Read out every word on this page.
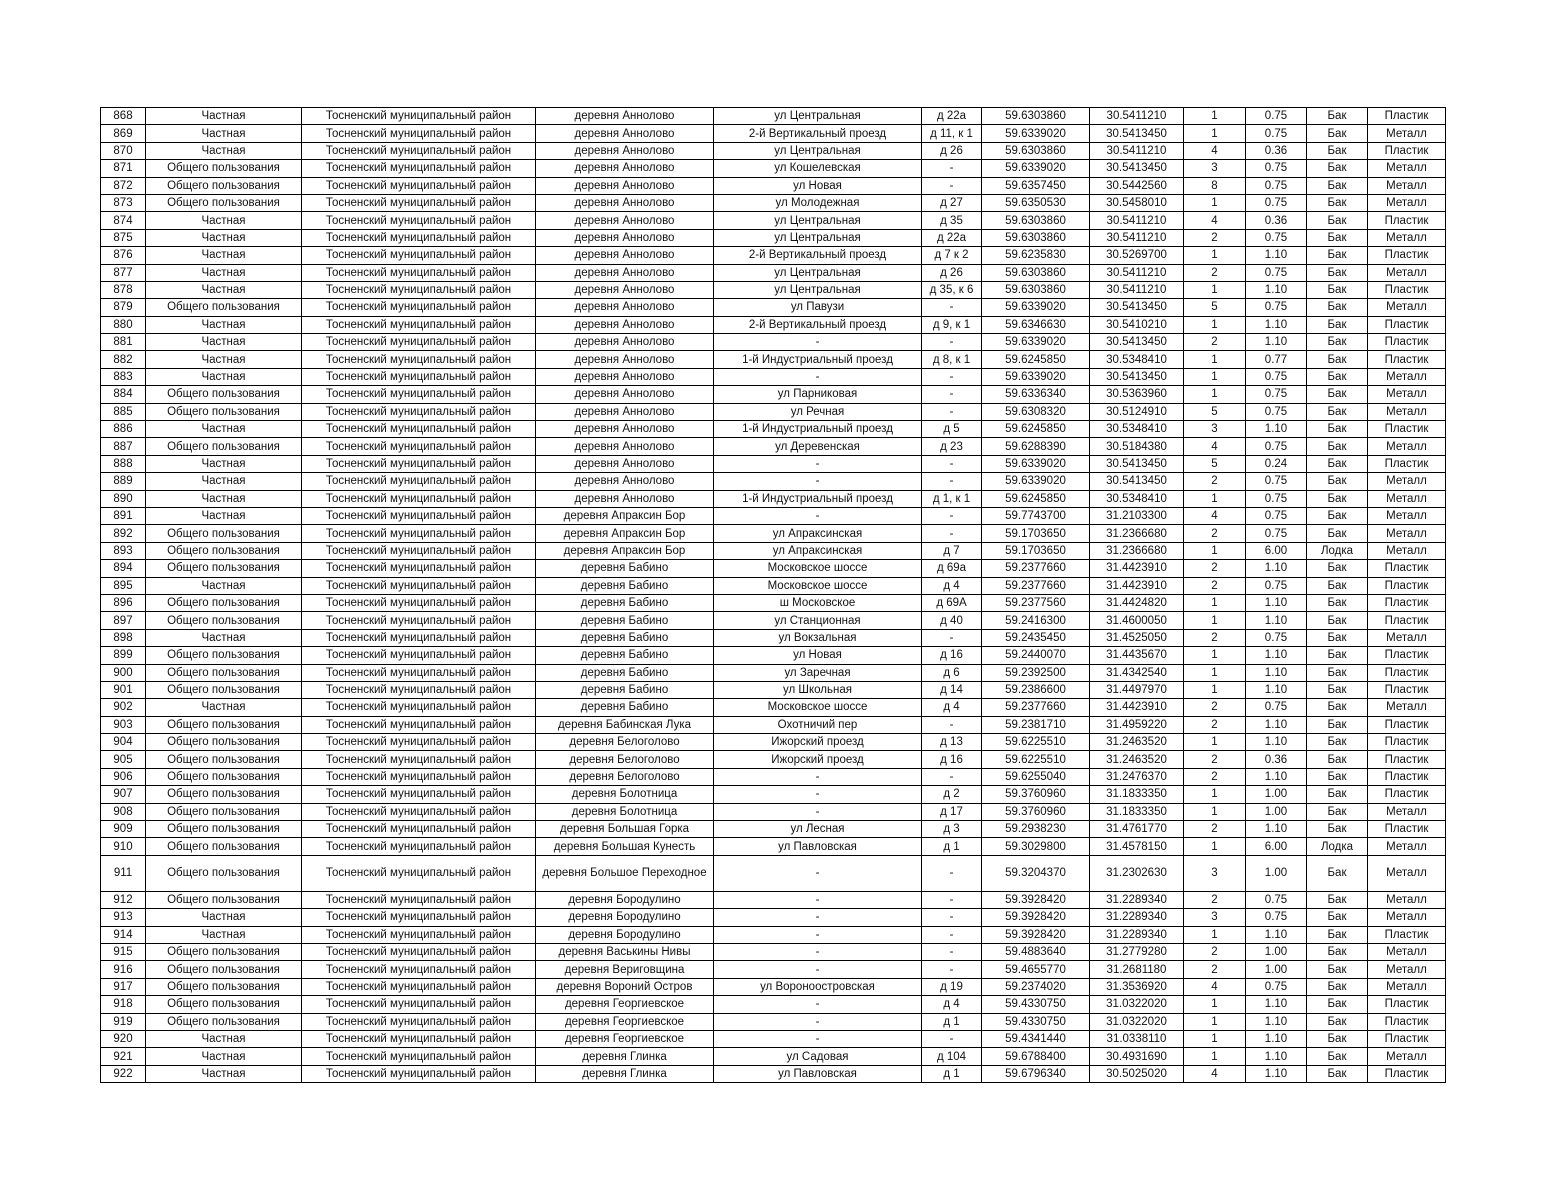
868	Частная	Тосненский муниципальный район	деревня Аннолово	ул Центральная	д 22а	59.6303860	30.5411210	1	0.75	Бак	Пластик
869	Частная	Тосненский муниципальный район	деревня Аннолово	2-й Вертикальный проезд	д 11, к 1	59.6339020	30.5413450	1	0.75	Бак	Металл
870	Частная	Тосненский муниципальный район	деревня Аннолово	ул Центральная	д 26	59.6303860	30.5411210	4	0.36	Бак	Пластик
871	Общего пользования	Тосненский муниципальный район	деревня Аннолово	ул Кошелевская	-	59.6339020	30.5413450	3	0.75	Бак	Металл
872	Общего пользования	Тосненский муниципальный район	деревня Аннолово	ул Новая	-	59.6357450	30.5442560	8	0.75	Бак	Металл
873	Общего пользования	Тосненский муниципальный район	деревня Аннолово	ул Молодежная	д 27	59.6350530	30.5458010	1	0.75	Бак	Металл
874	Частная	Тосненский муниципальный район	деревня Аннолово	ул Центральная	д 35	59.6303860	30.5411210	4	0.36	Бак	Пластик
875	Частная	Тосненский муниципальный район	деревня Аннолово	ул Центральная	д 22а	59.6303860	30.5411210	2	0.75	Бак	Металл
876	Частная	Тосненский муниципальный район	деревня Аннолово	2-й Вертикальный проезд	д 7 к 2	59.6235830	30.5269700	1	1.10	Бак	Пластик
877	Частная	Тосненский муниципальный район	деревня Аннолово	ул Центральная	д 26	59.6303860	30.5411210	2	0.75	Бак	Металл
878	Частная	Тосненский муниципальный район	деревня Аннолово	ул Центральная	д 35, к 6	59.6303860	30.5411210	1	1.10	Бак	Пластик
879	Общего пользования	Тосненский муниципальный район	деревня Аннолово	ул Павузи	-	59.6339020	30.5413450	5	0.75	Бак	Металл
880	Частная	Тосненский муниципальный район	деревня Аннолово	2-й Вертикальный проезд	д 9, к 1	59.6346630	30.5410210	1	1.10	Бак	Пластик
881	Частная	Тосненский муниципальный район	деревня Аннолово	-	-	59.6339020	30.5413450	2	1.10	Бак	Пластик
882	Частная	Тосненский муниципальный район	деревня Аннолово	1-й Индустриальный проезд	д 8, к 1	59.6245850	30.5348410	1	0.77	Бак	Пластик
883	Частная	Тосненский муниципальный район	деревня Аннолово	-	-	59.6339020	30.5413450	1	0.75	Бак	Металл
884	Общего пользования	Тосненский муниципальный район	деревня Аннолово	ул Парниковая	-	59.6336340	30.5363960	1	0.75	Бак	Металл
885	Общего пользования	Тосненский муниципальный район	деревня Аннолово	ул Речная	-	59.6308320	30.5124910	5	0.75	Бак	Металл
886	Частная	Тосненский муниципальный район	деревня Аннолово	1-й Индустриальный проезд	д 5	59.6245850	30.5348410	3	1.10	Бак	Пластик
887	Общего пользования	Тосненский муниципальный район	деревня Аннолово	ул Деревенская	д 23	59.6288390	30.5184380	4	0.75	Бак	Металл
888	Частная	Тосненский муниципальный район	деревня Аннолово	-	-	59.6339020	30.5413450	5	0.24	Бак	Пластик
889	Частная	Тосненский муниципальный район	деревня Аннолово	-	-	59.6339020	30.5413450	2	0.75	Бак	Металл
890	Частная	Тосненский муниципальный район	деревня Аннолово	1-й Индустриальный проезд	д 1, к 1	59.6245850	30.5348410	1	0.75	Бак	Металл
891	Частная	Тосненский муниципальный район	деревня Апраксин Бор	-	-	59.7743700	31.2103300	4	0.75	Бак	Металл
892	Общего пользования	Тосненский муниципальный район	деревня Апраксин Бор	ул Апраксинская	-	59.1703650	31.2366680	2	0.75	Бак	Металл
893	Общего пользования	Тосненский муниципальный район	деревня Апраксин Бор	ул Апраксинская	д 7	59.1703650	31.2366680	1	6.00	Лодка	Металл
894	Общего пользования	Тосненский муниципальный район	деревня Бабино	Московское шоссе	д 69а	59.2377660	31.4423910	2	1.10	Бак	Пластик
895	Частная	Тосненский муниципальный район	деревня Бабино	Московское шоссе	д 4	59.2377660	31.4423910	2	0.75	Бак	Пластик
896	Общего пользования	Тосненский муниципальный район	деревня Бабино	ш Московское	д 69А	59.2377560	31.4424820	1	1.10	Бак	Пластик
897	Общего пользования	Тосненский муниципальный район	деревня Бабино	ул Станционная	д 40	59.2416300	31.4600050	1	1.10	Бак	Пластик
898	Частная	Тосненский муниципальный район	деревня Бабино	ул Вокзальная	-	59.2435450	31.4525050	2	0.75	Бак	Металл
899	Общего пользования	Тосненский муниципальный район	деревня Бабино	ул Новая	д 16	59.2440070	31.4435670	1	1.10	Бак	Пластик
900	Общего пользования	Тосненский муниципальный район	деревня Бабино	ул Заречная	д 6	59.2392500	31.4342540	1	1.10	Бак	Пластик
901	Общего пользования	Тосненский муниципальный район	деревня Бабино	ул Школьная	д 14	59.2386600	31.4497970	1	1.10	Бак	Пластик
902	Частная	Тосненский муниципальный район	деревня Бабино	Московское шоссе	д 4	59.2377660	31.4423910	2	0.75	Бак	Металл
903	Общего пользования	Тосненский муниципальный район	деревня Бабинская Лука	Охотничий пер	-	59.2381710	31.4959220	2	1.10	Бак	Пластик
904	Общего пользования	Тосненский муниципальный район	деревня Белоголово	Ижорский проезд	д 13	59.6225510	31.2463520	1	1.10	Бак	Пластик
905	Общего пользования	Тосненский муниципальный район	деревня Белоголово	Ижорский проезд	д 16	59.6225510	31.2463520	2	0.36	Бак	Пластик
906	Общего пользования	Тосненский муниципальный район	деревня Белоголово	-	-	59.6255040	31.2476370	2	1.10	Бак	Пластик
907	Общего пользования	Тосненский муниципальный район	деревня Болотница	-	д 2	59.3760960	31.1833350	1	1.00	Бак	Пластик
908	Общего пользования	Тосненский муниципальный район	деревня Болотница	-	д 17	59.3760960	31.1833350	1	1.00	Бак	Металл
909	Общего пользования	Тосненский муниципальный район	деревня Большая Горка	ул Лесная	д 3	59.2938230	31.4761770	2	1.10	Бак	Пластик
910	Общего пользования	Тосненский муниципальный район	деревня Большая Кунесть	ул Павловская	д 1	59.3029800	31.4578150	1	6.00	Лодка	Металл
911	Общего пользования	Тосненский муниципальный район	деревня Большое Переходное	-	-	59.3204370	31.2302630	3	1.00	Бак	Металл
912	Общего пользования	Тосненский муниципальный район	деревня Бородулино	-	-	59.3928420	31.2289340	2	0.75	Бак	Металл
913	Частная	Тосненский муниципальный район	деревня Бородулино	-	-	59.3928420	31.2289340	3	0.75	Бак	Металл
914	Частная	Тосненский муниципальный район	деревня Бородулино	-	-	59.3928420	31.2289340	1	1.10	Бак	Пластик
915	Общего пользования	Тосненский муниципальный район	деревня Васькины Нивы	-	-	59.4883640	31.2779280	2	1.00	Бак	Металл
916	Общего пользования	Тосненский муниципальный район	деревня Вериговщина	-	-	59.4655770	31.2681180	2	1.00	Бак	Металл
917	Общего пользования	Тосненский муниципальный район	деревня Вороний Остров	ул Вороноостровская	д 19	59.2374020	31.3536920	4	0.75	Бак	Металл
918	Общего пользования	Тосненский муниципальный район	деревня Георгиевское	-	д 4	59.4330750	31.0322020	1	1.10	Бак	Пластик
919	Общего пользования	Тосненский муниципальный район	деревня Георгиевское	-	д 1	59.4330750	31.0322020	1	1.10	Бак	Пластик
920	Частная	Тосненский муниципальный район	деревня Георгиевское	-	-	59.4341440	31.0338110	1	1.10	Бак	Пластик
921	Частная	Тосненский муниципальный район	деревня Глинка	ул Садовая	д 104	59.6788400	30.4931690	1	1.10	Бак	Металл
922	Частная	Тосненский муниципальный район	деревня Глинка	ул Павловская	д 1	59.6796340	30.5025020	4	1.10	Бак	Пластик
